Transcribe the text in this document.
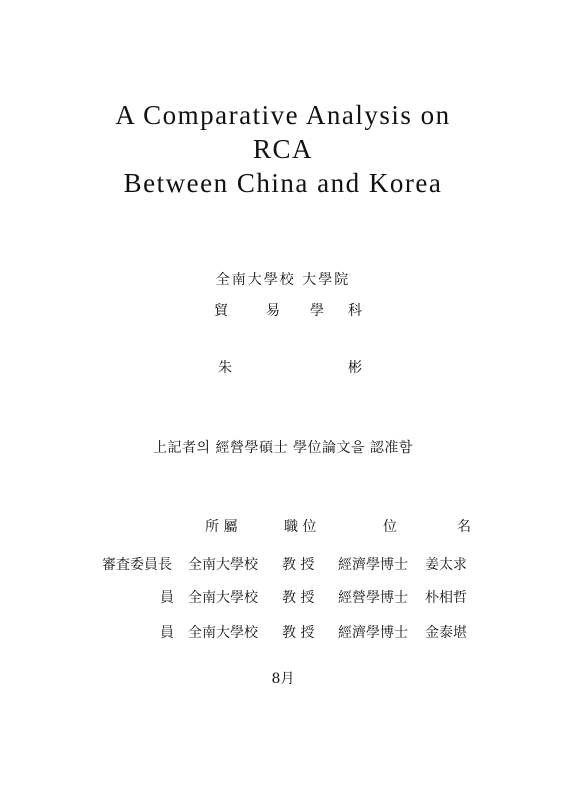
A Comparative Analysis on
RCA
Between China and Korea
全南大學校 大學院
貿	易 學 科
朱	彬
上記者의 經營學碩士 學位論文을 認准함
所 屬	職 位	位	名
審査委員長 全南大學校 教 授 經濟學博士 姜太求
員 全南大學校 教 授 經營學博士 朴相哲
員 全南大學校 教 授 經濟學博士 金泰堪
8月
